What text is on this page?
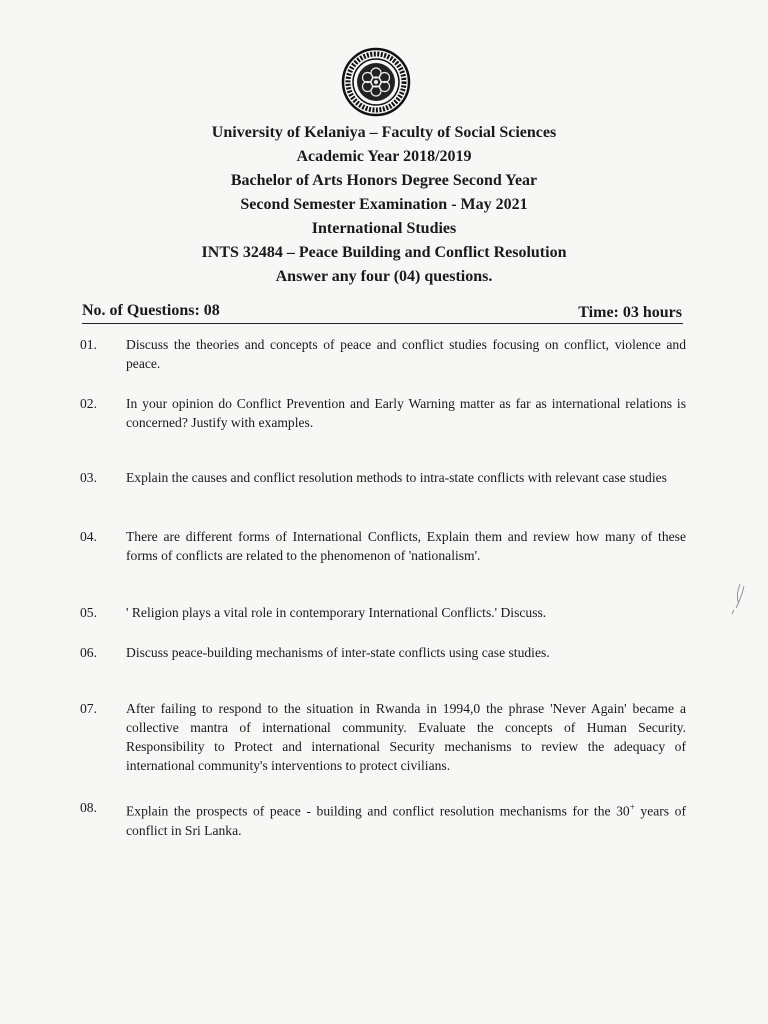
University of Kelaniya – Faculty of Social Sciences
Academic Year 2018/2019
Bachelor of Arts Honors Degree Second Year
Second Semester Examination - May 2021
International Studies
INTS 32484 – Peace Building and Conflict Resolution
Answer any four (04) questions.
No. of Questions: 08	Time: 03 hours
01.	Discuss the theories and concepts of peace and conflict studies focusing on conflict, violence and peace.
02.	In your opinion do Conflict Prevention and Early Warning matter as far as international relations is concerned? Justify with examples.
03.	Explain the causes and conflict resolution methods to intra-state conflicts with relevant case studies
04.	There are different forms of International Conflicts, Explain them and review how many of these forms of conflicts are related to the phenomenon of 'nationalism'.
05.	' Religion plays a vital role in contemporary International Conflicts.' Discuss.
06.	Discuss peace-building mechanisms of inter-state conflicts using case studies.
07.	After failing to respond to the situation in Rwanda in 1994,0 the phrase 'Never Again' became a collective mantra of international community. Evaluate the concepts of Human Security. Responsibility to Protect and international Security mechanisms to review the adequacy of international community's interventions to protect civilians.
08.	Explain the prospects of peace - building and conflict resolution mechanisms for the 30+ years of conflict in Sri Lanka.
